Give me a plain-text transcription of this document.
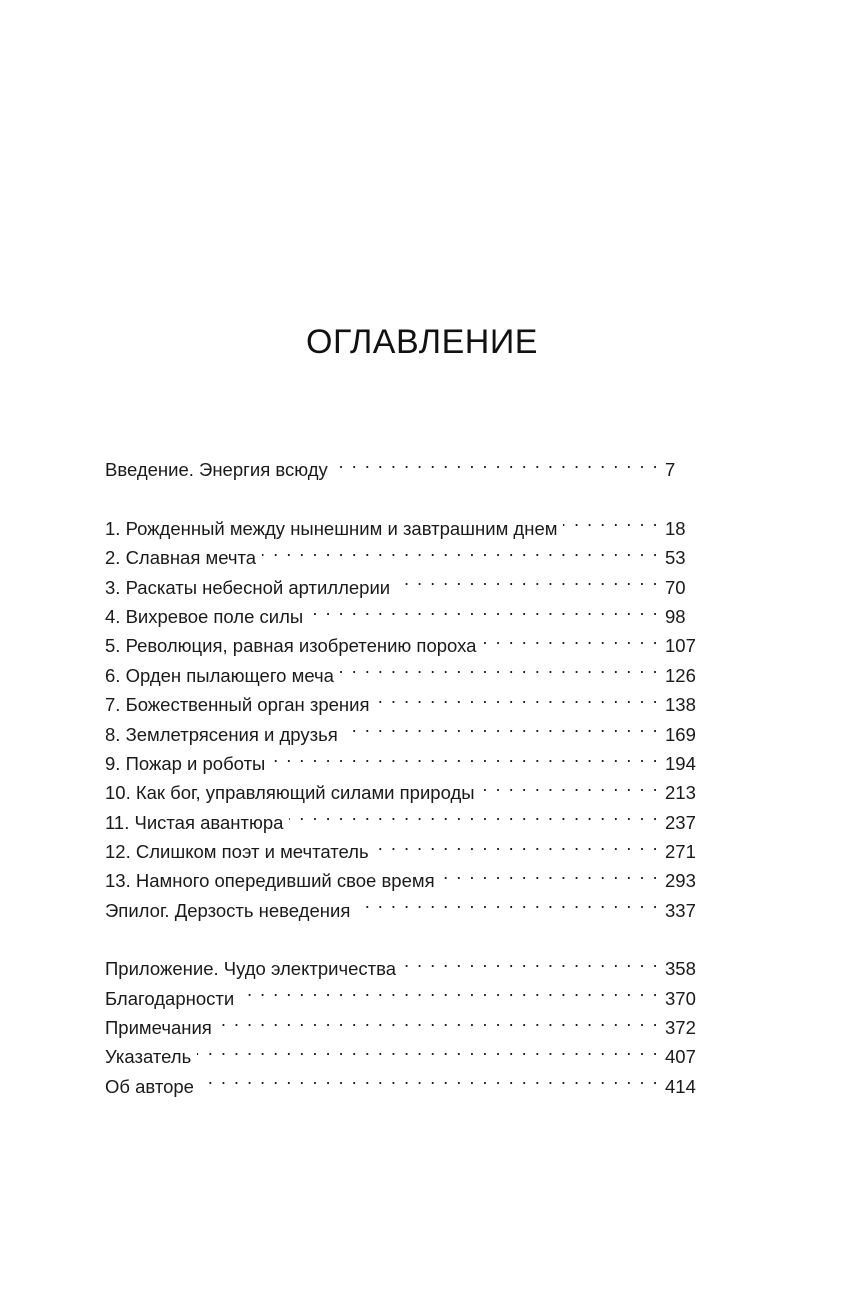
ОГЛАВЛЕНИЕ
Введение. Энергия всюду . . .	7
1. Рожденный между нынешним и завтрашним днем . . .	18
2. Славная мечта . . .	53
3. Раскаты небесной артиллерии . . .	70
4. Вихревое поле силы . . .	98
5. Революция, равная изобретению пороха . . .	107
6. Орден пылающего меча . . .	126
7. Божественный орган зрения . . .	138
8. Землетрясения и друзья . . .	169
9. Пожар и роботы . . .	194
10. Как бог, управляющий силами природы . . .	213
11. Чистая авантюра . . .	237
12. Слишком поэт и мечтатель . . .	271
13. Намного опередивший свое время . . .	293
Эпилог. Дерзость неведения . . .	337
Приложение. Чудо электричества . . .	358
Благодарности . . .	370
Примечания . . .	372
Указатель . . .	407
Об авторе . . .	414
